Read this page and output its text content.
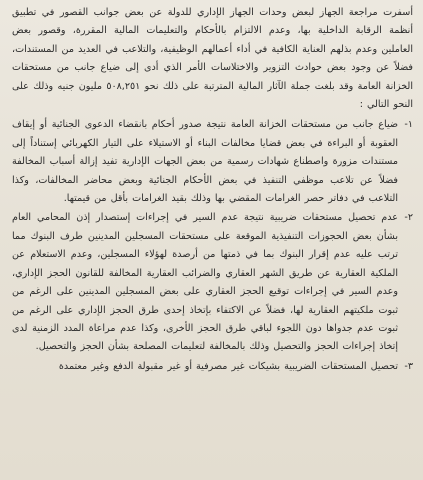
أسفرت مراجعة الجهاز لبعض وحدات الجهاز الإداري للدولة عن بعض جوانب القصور في تطبيق أنظمة الرقابة الداخلية بها، وعدم الالتزام بالأحكام والتعليمات المالية المقررة، وقصور بعض العاملين وعدم بذلهم العناية الكافية في أداء أعمالهم الوظيفية، والتلاعب في العديد من المستندات، فضلاً عن وجود بعض حوادث التزوير والاختلاسات الأمر الذي أدى إلى ضياع جانب من مستحقات الخزانة العامة وقد بلغت جملة الآثار المالية المترتبة على ذلك نحو ٥٠٨,٢٥١ مليون جنيه وذلك على النحو التالي :

١-
ضياع جانب من مستحقات الخزانة العامة نتيجة صدور أحكام بانقضاء الدعوى الجنائية أو إيقاف العقوبة أو البراءة في بعض قضايا مخالفات البناء أو الاستيلاء على التيار الكهربائي إستناداً إلى مستندات مزورة واصطناع شهادات رسمية من بعض الجهات الإدارية تفيد إزالة أسباب المخالفة فضلاً عن تلاعب موظفي التنفيذ في بعض الأحكام الجنائية وبعض محاضر المخالفات، وكذا التلاعب في دفاتر حصر الغرامات المقضي بها وذلك بقيد الغرامات بأقل من قيمتها.
٢-
عدم تحصيل مستحقات ضريبية نتيجة عدم السير في إجراءات إستصدار إذن المحامي العام بشأن بعض الحجوزات التنفيذية الموقعة على مستحقات المسجلين المدينين طرف البنوك مما ترتب عليه عدم إقرار البنوك بما في ذمتها من أرصدة لهؤلاء المسجلين، وعدم الاستعلام عن الملكية العقارية عن طريق الشهر العقاري والضرائب العقارية المخالفة للقانون الحجز الإداري، وعدم السير في إجراءات توقيع الحجز العقاري على بعض المسجلين المدينين على الرغم من ثبوت ملكيتهم العقارية لها، فضلاً عن الاكتفاء بإتخاذ إحدى طرق الحجز الإداري على الرغم من ثبوت عدم جدواها دون اللجوء لباقي طرق الحجز الأخرى، وكذا عدم مراعاة المدد الزمنية لدى إتخاذ إجراءات الحجز والتحصيل وذلك بالمخالفة لتعليمات المصلحة بشأن الحجز والتحصيل.
٣-
تحصيل المستحقات الضريبية بشيكات غير مصرفية أو غير مقبولة الدفع وغير معتمدة
